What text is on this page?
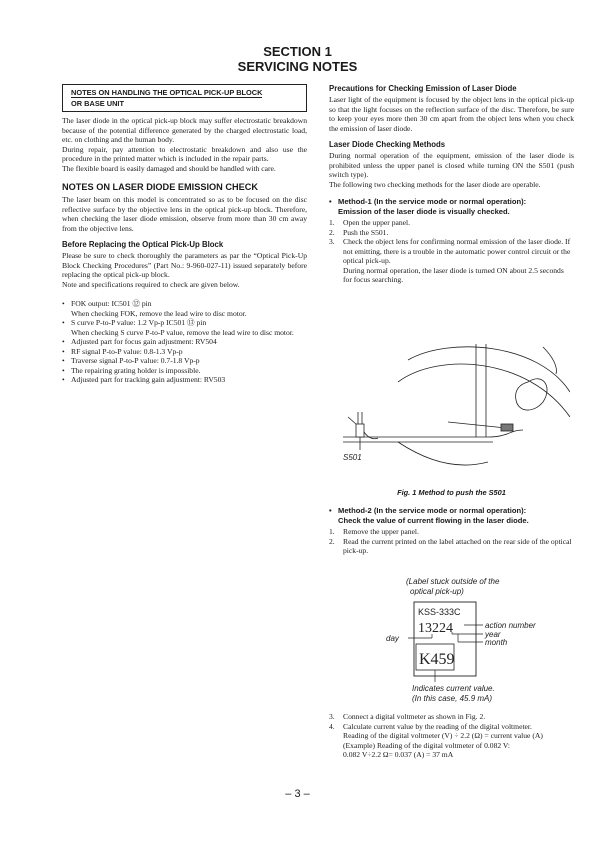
SECTION 1
SERVICING NOTES
NOTES ON HANDLING THE OPTICAL PICK-UP BLOCK
OR BASE UNIT

The laser diode in the optical pick-up block may suffer electrostatic breakdown because of the potential difference generated by the charged electrostatic load, etc. on clothing and the human body.

During repair, pay attention to electrostatic breakdown and also use the procedure in the printed matter which is included in the repair parts.

The flexible board is easily damaged and should be handled with care.

NOTES ON LASER DIODE EMISSION CHECK

The laser beam on this model is concentrated so as to be focused on the disc reflective surface by the objective lens in the optical pick-up block. Therefore, when checking the laser diode emission, observe from more than 30 cm away from the objective lens.

Before Replacing the Optical Pick-Up Block

Please be sure to check thoroughly the parameters as par the “Optical Pick-Up Block Checking Procedures” (Part No.: 9-960-027-11) issued separately before replacing the optical pick-up block.

Note and specifications required to check are given below.

• FOK output: IC501 ⑫ pin
When checking FOK, remove the lead wire to disc motor.
• S curve P-to-P value: 1.2 Vp-p IC501 ⑬ pin
When checking S curve P-to-P value, remove the lead wire to disc motor.
• Adjusted part for focus gain adjustment: RV504
• RF signal P-to-P value: 0.8-1.3 Vp-p
• Traverse signal P-to-P value: 0.7-1.8 Vp-p
• The repairing grating holder is impossible.
• Adjusted part for tracking gain adjustment: RV503
Precautions for Checking Emission of Laser Diode

Laser light of the equipment is focused by the object lens in the optical pick-up so that the light focuses on the reflection surface of the disc. Therefore, be sure to keep your eyes more then 30 cm apart from the object lens when you check the emission of laser diode.

Laser Diode Checking Methods

During normal operation of the equipment, emission of the laser diode is prohibited unless the upper panel is closed while turning ON the S501 (push switch type).

The following two checking methods for the laser diode are operable.

• Method-1 (In the service mode or normal operation):
Emission of the laser diode is visually checked.
1. Open the upper panel.
2. Push the S501.
3. Check the object lens for confirming normal emission of the laser diode. If not emitting, there is a trouble in the automatic power control circuit or the optical pick-up.
During normal operation, the laser diode is turned ON about 2.5 seconds for focus searching.
S501
Fig. 1 Method to push the S501
• Method-2 (In the service mode or normal operation):
Check the value of current flowing in the laser diode.
1. Remove the upper panel.
2. Read the current printed on the label attached on the rear side of the optical pick-up.
(Label stuck outside of the
optical pick-up)
KSS-333C
13224
K459
action number
year
month
day
Indicates current value.
(In this case, 45.9 mA)
3. Connect a digital voltmeter as shown in Fig. 2.
4. Calculate current value by the reading of the digital voltmeter.
Reading of the digital voltmeter (V) ÷ 2.2 (Ω) = current value (A)
(Example) Reading of the digital voltmeter of 0.082 V:
0.082 V÷2.2 Ω= 0.037 (A) = 37 mA
– 3 –
